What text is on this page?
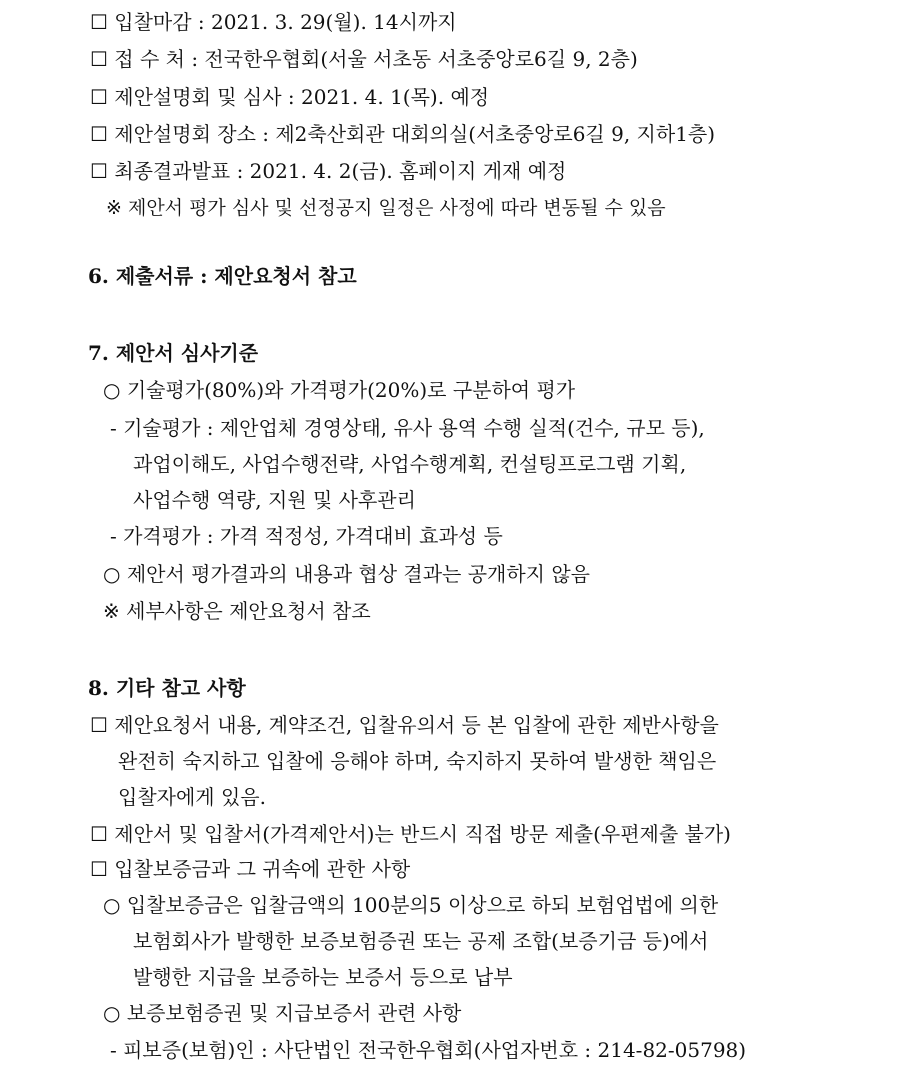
☐ 입찰마감 : 2021. 3. 29(월). 14시까지
☐ 접 수 처 : 전국한우협회(서울 서초동 서초중앙로6길 9, 2층)
☐ 제안설명회 및 심사 : 2021. 4. 1(목). 예정
☐ 제안설명회 장소 : 제2축산회관 대회의실(서초중앙로6길 9, 지하1층)
☐ 최종결과발표 : 2021. 4. 2(금). 홈페이지 게재 예정
※ 제안서 평가 심사 및 선정공지 일정은 사정에 따라 변동될 수 있음
6. 제출서류 : 제안요청서 참고
7. 제안서 심사기준
○ 기술평가(80%)와 가격평가(20%)로 구분하여 평가
- 기술평가 : 제안업체 경영상태, 유사 용역 수행 실적(건수, 규모 등),
과업이해도, 사업수행전략, 사업수행계획, 컨설팅프로그램 기획,
사업수행 역량, 지원 및 사후관리
- 가격평가 : 가격 적정성, 가격대비 효과성 등
○ 제안서 평가결과의 내용과 협상 결과는 공개하지 않음
※ 세부사항은 제안요청서 참조
8. 기타 참고 사항
☐ 제안요청서 내용, 계약조건, 입찰유의서 등 본 입찰에 관한 제반사항을
완전히 숙지하고 입찰에 응해야 하며, 숙지하지 못하여 발생한 책임은
입찰자에게 있음.
☐ 제안서 및 입찰서(가격제안서)는 반드시 직접 방문 제출(우편제출 불가)
☐ 입찰보증금과 그 귀속에 관한 사항
○ 입찰보증금은 입찰금액의 100분의5 이상으로 하되 보험업법에 의한
보험회사가 발행한 보증보험증권 또는 공제 조합(보증기금 등)에서
발행한 지급을 보증하는 보증서 등으로 납부
○ 보증보험증권 및 지급보증서 관련 사항
- 피보증(보험)인 : 사단법인 전국한우협회(사업자번호 : 214-82-05798)
